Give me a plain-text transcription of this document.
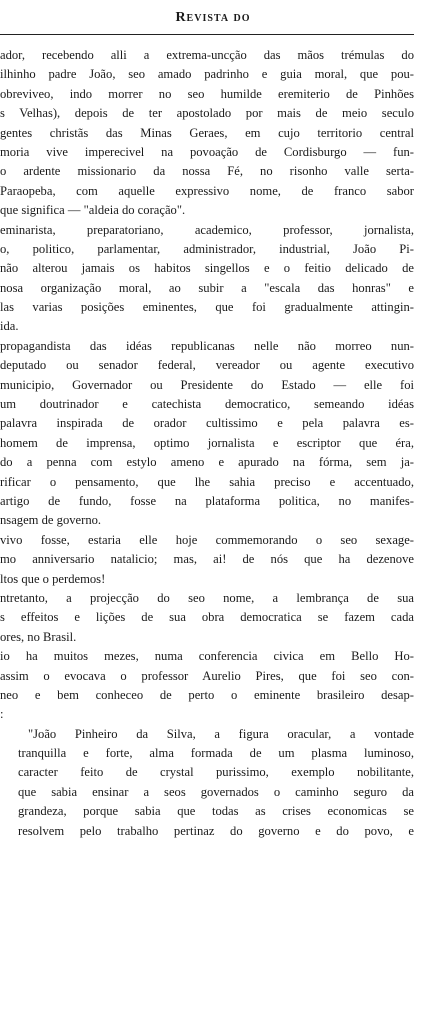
Revista do
ador, recebendo alli a extrema-uncção das mãos trémulas do
ilhinho padre João, seo amado padrinho e guia moral, que pou-
obreviveo, indo morrer no seo humilde eremiterio de Pinhões
s Velhas), depois de ter apostolado por mais de meio seculo
gentes christãs das Minas Geraes, em cujo territorio central
moria vive imperecivel na povoação de Cordisburgo — fun-
o ardente missionario da nossa Fé, no risonho valle serta-
Paraopeba, com aquelle expressivo nome, de franco sabor
que significa — "aldeia do coração".
eminarista, preparatoriano, academico, professor, jornalista,
o, politico, parlamentar, administrador, industrial, João Pi-
não alterou jamais os habitos singellos e o feitio delicado de
nosa organização moral, ao subir a "escala das honras" e
las varias posições eminentes, que foi gradualmente attingin-
ida.
propagandista das idéas republicanas nelle não morreo nun-
deputado ou senador federal, vereador ou agente executivo
municipio, Governador ou Presidente do Estado — elle foi
um doutrinador e catechista democratico, semeando idéas
palavra inspirada de orador cultissimo e pela palavra es-
homem de imprensa, optimo jornalista e escriptor que éra,
do a penna com estylo ameno e apurado na fórma, sem ja-
rificar o pensamento, que lhe sahia preciso e accentuado,
artigo de fundo, fosse na plataforma politica, no manifes-
nsagem de governo.
vivo fosse, estaria elle hoje commemorando o seo sexage-
mo anniversario natalicio; mas, ai! de nós que ha dezenove
ltos que o perdemos!
ntretanto, a projecção do seo nome, a lembrança de sua
s effeitos e lições de sua obra democratica se fazem cada
ores, no Brasil.
io ha muitos mezes, numa conferencia civica em Bello Ho-
assim o evocava o professor Aurelio Pires, que foi seo con-
neo e bem conheceo de perto o eminente brasileiro desap-
:
"João Pinheiro da Silva, a figura oracular, a vontade
tranquilla e forte, alma formada de um plasma luminoso,
caracter feito de crystal purissimo, exemplo nobilitante,
que sabia ensinar a seos governados o caminho seguro da
grandeza, porque sabia que todas as crises economicas se
resolvem pelo trabalho pertinaz do governo e do povo, e
